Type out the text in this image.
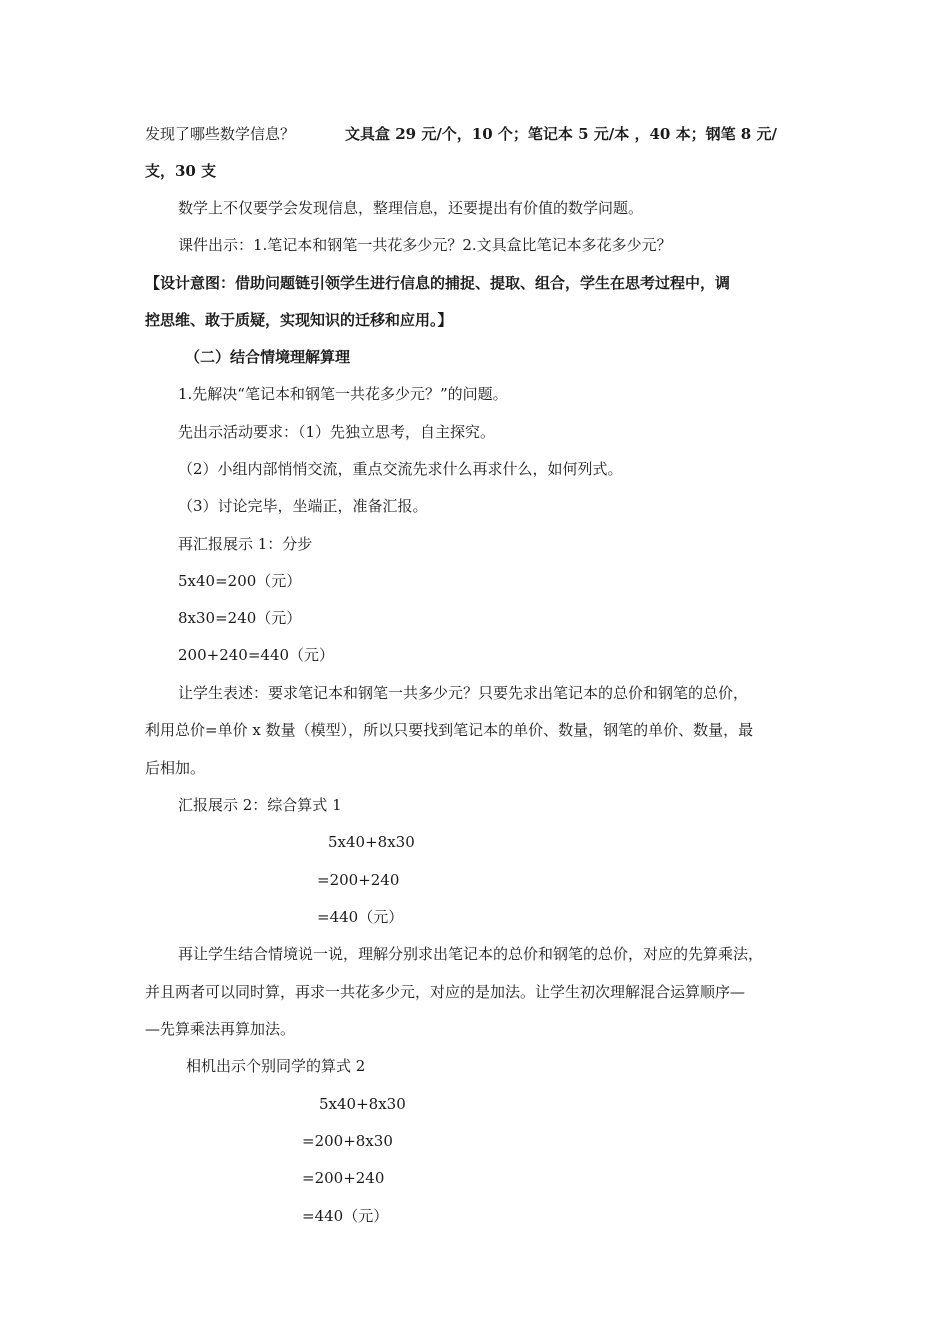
发现了哪些数学信息？	文具盒 29 元/个，10 个；笔记本 5 元/本 ，40 本；钢笔 8 元/
支，30 支
数学上不仅要学会发现信息，整理信息，还要提出有价值的数学问题。
课件出示：1.笔记本和钢笔一共花多少元？2.文具盒比笔记本多花多少元？
【设计意图：借助问题链引领学生进行信息的捕捉、提取、组合，学生在思考过程中，调
控思维、敢于质疑，实现知识的迁移和应用。】
（二）结合情境理解算理
1.先解决“笔记本和钢笔一共花多少元？”的问题。
先出示活动要求：（1）先独立思考，自主探究。
（2）小组内部悄悄交流，重点交流先求什么再求什么，如何列式。
（3）讨论完毕，坐端正，准备汇报。
再汇报展示 1：分步
5x40=200（元）
8x30=240（元）
200+240=440（元）
让学生表述：要求笔记本和钢笔一共多少元？只要先求出笔记本的总价和钢笔的总价，
利用总价=单价 x 数量（模型），所以只要找到笔记本的单价、数量，钢笔的单价、数量，最
后相加。
汇报展示 2：综合算式 1
5x40+8x30
=200+240
=440（元）
再让学生结合情境说一说，理解分别求出笔记本的总价和钢笔的总价，对应的先算乘法，
并且两者可以同时算，再求一共花多少元，对应的是加法。让学生初次理解混合运算顺序—
—先算乘法再算加法。
相机出示个别同学的算式 2
5x40+8x30
=200+8x30
=200+240
=440（元）
